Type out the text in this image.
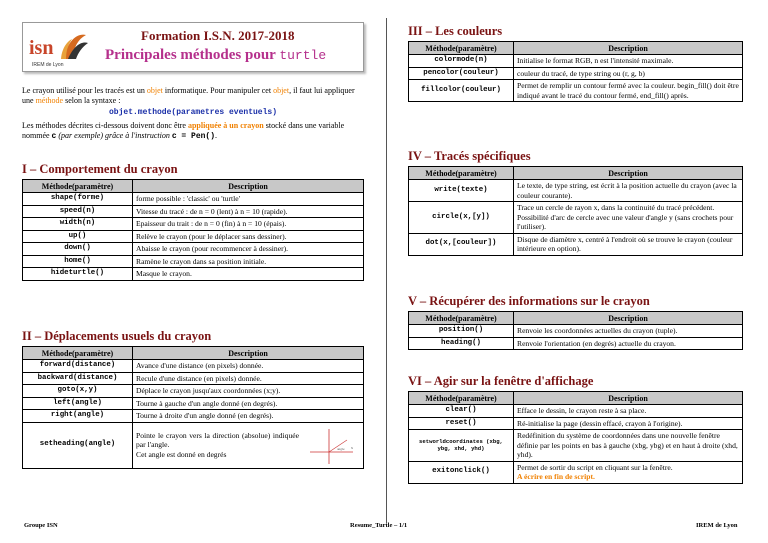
isn
IREM de Lyon
Formation I.S.N. 2017-2018
Principales méthodes pour turtle

Le crayon utilisé pour les tracés est un objet informatique. Pour manipuler cet objet, il faut lui appliquer une méthode selon la syntaxe :

objet.methode(parametres eventuels)

Les méthodes décrites ci-dessous doivent donc être appliquée à un crayon stocké dans une variable nommée c (par exemple) grâce à l'instruction c = Pen().

I – Comportement du crayon
Méthode(paramètre)	Description
shape(forme)	forme possible : 'classic' ou 'turtle'
speed(n)	Vitesse du tracé : de n = 0 (lent) à n = 10 (rapide).
width(n)	Epaisseur du trait : de n = 0 (fin) à n = 10 (épais).
up()	Relève le crayon (pour le déplacer sans dessiner).
down()	Abaisse le crayon (pour recommencer à dessiner).
home()	Ramène le crayon dans sa position initiale.
hideturtle()	Masque le crayon.
II – Déplacements usuels du crayon
Méthode(paramètre)	Description
forward(distance)	Avance d'une distance (en pixels) donnée.
backward(distance)	Recule d'une distance (en pixels) donnée.
goto(x,y)	Déplace le crayon jusqu'aux coordonnées (x;y).
left(angle)	Tourne à gauche d'un angle donné (en degrés).
right(angle)	Tourne à droite d'un angle donné (en degrés).
setheading(angle)	Pointe le crayon vers la direction (absolue) indiquée par l'angle.
Cet angle est donné en degrés
angle x
III – Les couleurs
Méthode(paramètre)	Description
colormode(n)	Initialise le format RGB, n est l'intensité maximale.
pencolor(couleur)	couleur du tracé, de type string ou (r, g, b)
fillcolor(couleur)	Permet de remplir un contour fermé avec la couleur. begin_fill() doit être indiqué avant le tracé du contour fermé, end_fill() après.
IV – Tracés spécifiques
Méthode(paramètre)	Description
write(texte)	Le texte, de type string, est écrit à la position actuelle du crayon (avec la couleur courante).
circle(x,[y])	Trace un cercle de rayon x, dans la continuité du tracé précédent. Possibilité d'arc de cercle avec une valeur d'angle y (sans crochets pour l'utiliser).
dot(x,[couleur])	Disque de diamètre x, centré à l'endroit où se trouve le crayon (couleur intérieure en option).
V – Récupérer des informations sur le crayon
Méthode(paramètre)	Description
position()	Renvoie les coordonnées actuelles du crayon (tuple).
heading()	Renvoie l'orientation (en degrés) actuelle du crayon.
VI – Agir sur la fenêtre d'affichage
Méthode(paramètre)	Description
clear()	Efface le dessin, le crayon reste à sa place.
reset()	Ré-initialise la page (dessin effacé, crayon à l'origine).
setworldcoordinates (xbg, ybg, xhd, yhd)	Redéfinition du système de coordonnées dans une nouvelle fenêtre définie par les points en bas à gauche (xbg, ybg) et en haut à droite (xhd, yhd).
exitonclick()	Permet de sortir du script en cliquant sur la fenêtre.
A écrire en fin de script.
Groupe ISN	Resume_Turtle – 1/1	IREM de Lyon
